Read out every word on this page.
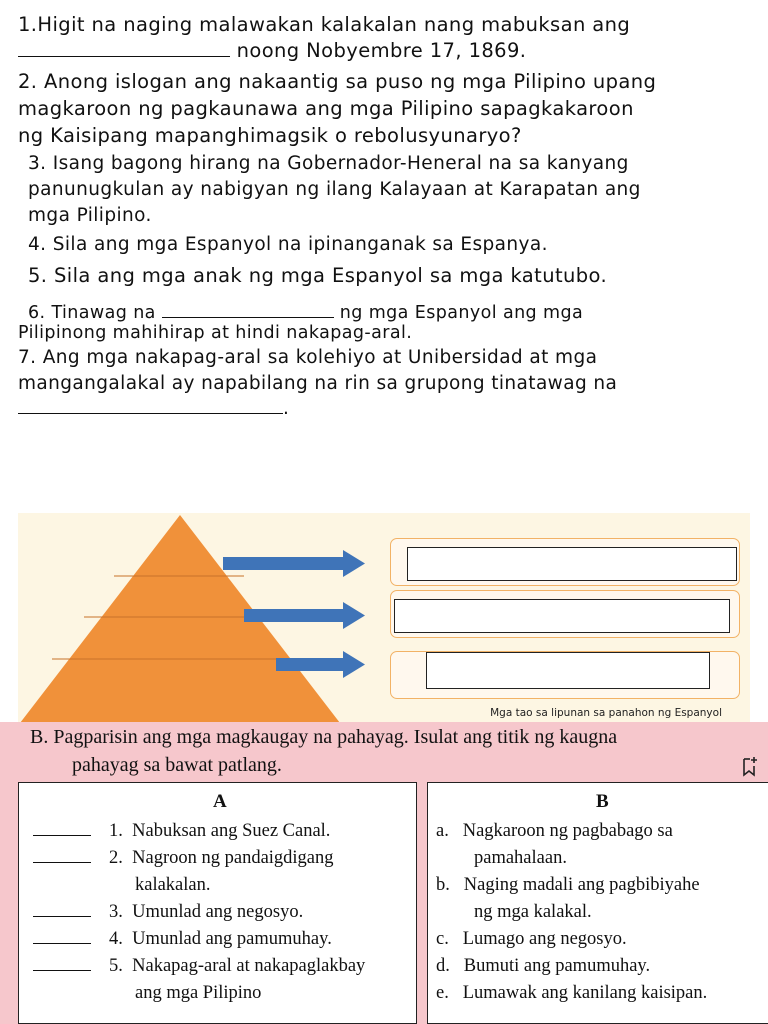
1.Higit na naging malawakan kalakalan nang mabuksan ang
noong Nobyembre 17, 1869.
2. Anong islogan ang nakaantig sa puso ng mga Pilipino upang
magkaroon ng pagkaunawa ang mga Pilipino sapagkakaroon
ng Kaisipang mapanghimagsik o rebolusyunaryo?
3. Isang bagong hirang na Gobernador-Heneral na sa kanyang
panunugkulan ay nabigyan ng ilang Kalayaan at Karapatan ang
mga Pilipino.
4. Sila ang mga Espanyol na ipinanganak sa Espanya.
5. Sila ang mga anak ng mga Espanyol sa mga katutubo.
6. Tinawag na	ng mga Espanyol ang mga
Pilipinong mahihirap at hindi nakapag-aral.
7. Ang mga nakapag-aral sa kolehiyo at Unibersidad at mga
mangangalakal ay napabilang na rin sa grupong tinatawag na
.
Mga tao sa lipunan sa panahon ng Espanyol
B. Pagparisin ang mga magkaugay na pahayag. Isulat ang titik ng kaugna
pahayag sa bawat patlang.
A
1. Nabuksan ang Suez Canal.
2. Nagroon ng pandaigdigang
kalakalan.
3. Umunlad ang negosyo.
4. Umunlad ang pamumuhay.
5. Nakapag-aral at nakapaglakbay
ang mga Pilipino
B
a. Nagkaroon ng pagbabago sa
pamahalaan.
b. Naging madali ang pagbibiyahe
ng mga kalakal.
c. Lumago ang negosyo.
d. Bumuti ang pamumuhay.
e. Lumawak ang kanilang kaisipan.
